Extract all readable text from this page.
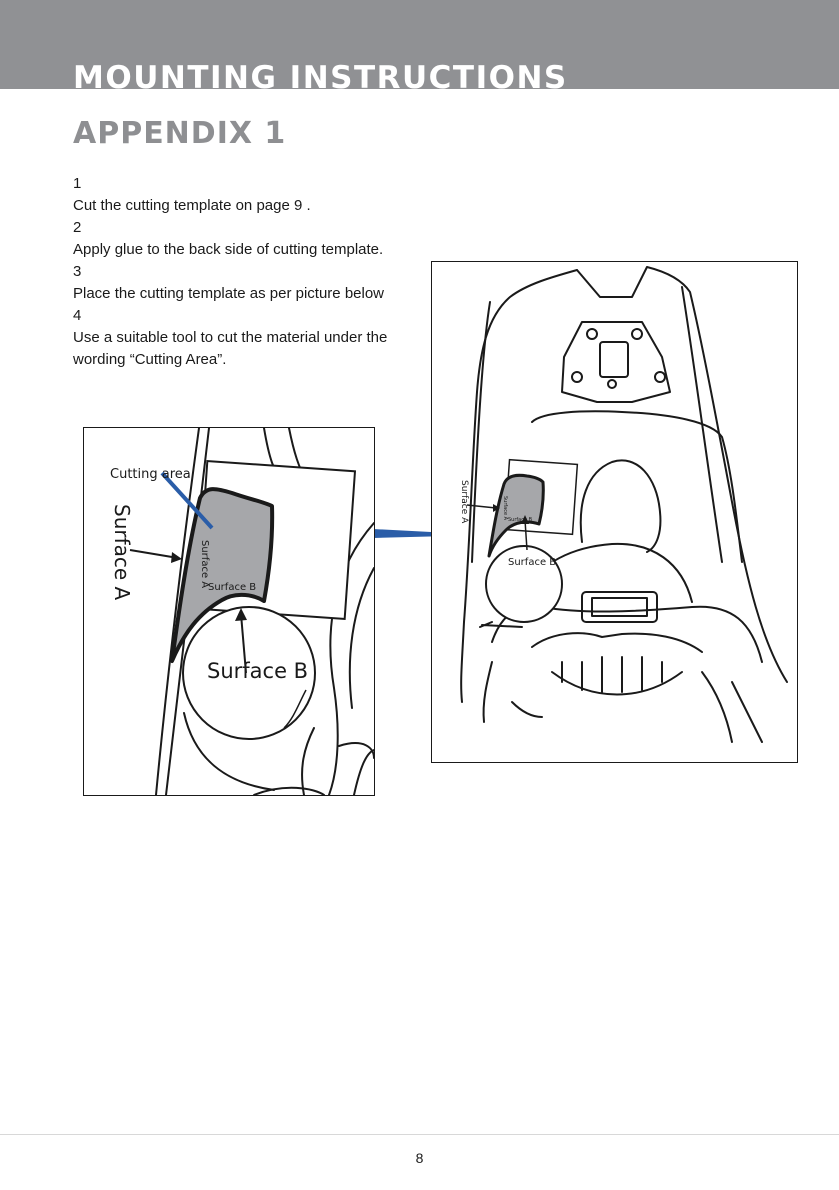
MOUNTING INSTRUCTIONS
APPENDIX 1
1
Cut the cutting template on page 9 .
2
Apply glue to the back side of cutting template.
3
Place the cutting template as per picture below
4
Use a suitable tool to cut the material under the
wording “Cutting Area”.
Cutting area
Surface A	Surface A
Surface B
Surface B
Surface A	Surface A Surface B
Surface B
8
